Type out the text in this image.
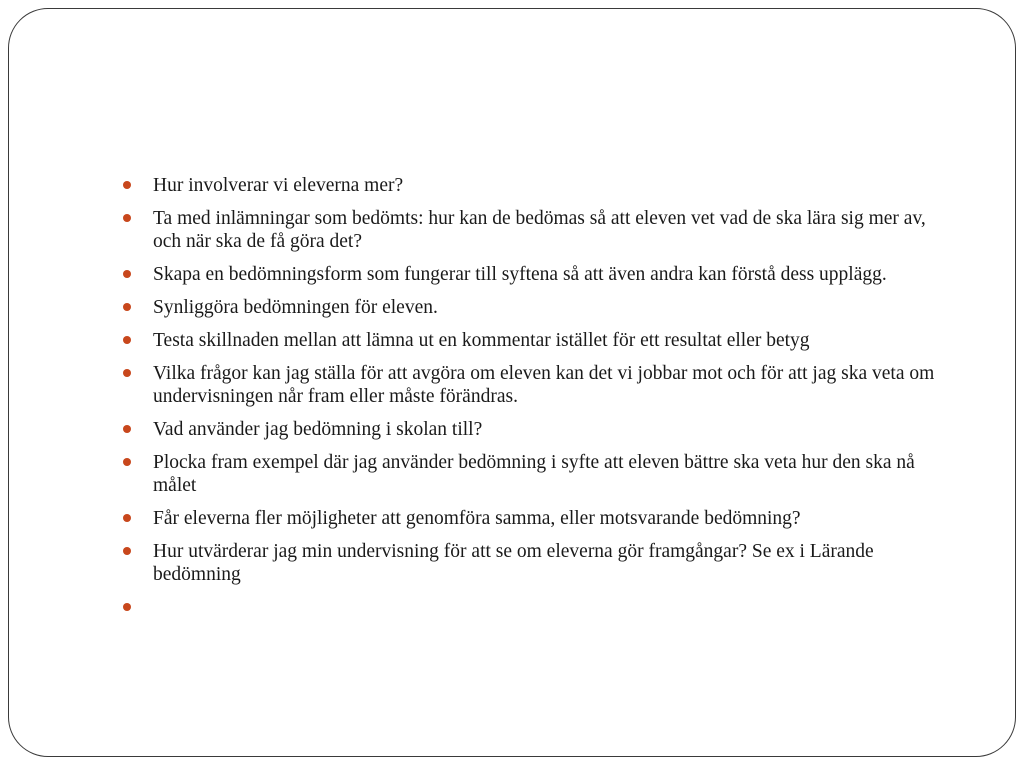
Hur involverar vi eleverna mer?
Ta med inlämningar som bedömts: hur kan de bedömas så att eleven vet vad de ska lära sig mer av, och när ska de få göra det?
Skapa en bedömningsform som fungerar till syftena så att även andra kan förstå dess upplägg.
Synliggöra bedömningen för eleven.
Testa skillnaden mellan att lämna ut en kommentar istället för ett resultat eller betyg
Vilka frågor kan jag ställa för att avgöra om eleven kan det vi jobbar mot och för att jag ska veta om undervisningen når fram eller måste förändras.
Vad använder jag bedömning i skolan till?
Plocka fram exempel där jag använder bedömning i syfte att eleven bättre ska veta hur den ska nå målet
Får eleverna fler möjligheter att genomföra samma, eller motsvarande bedömning?
Hur utvärderar jag min undervisning för att se om eleverna gör framgångar? Se ex i Lärande bedömning
